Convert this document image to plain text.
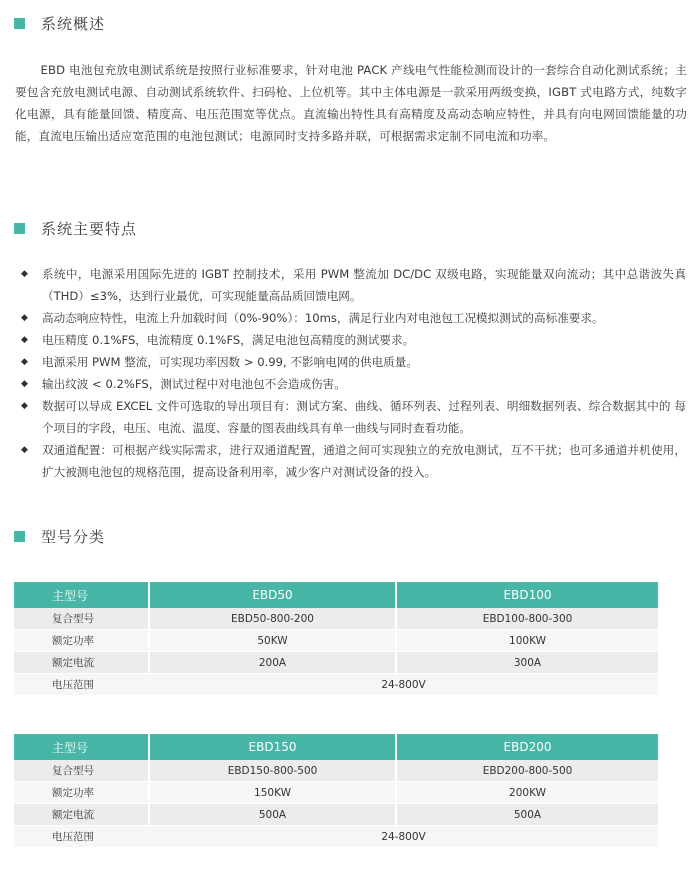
系统概述
EBD 电池包充放电测试系统是按照行业标准要求，针对电池 PACK 产线电气性能检测而设计的一套综合自动化测试系统；主要包含充放电测试电源、自动测试系统软件、扫码枪、上位机等。其中主体电源是一款采用两级变换，IGBT 式电路方式，纯数字化电源，具有能量回馈、精度高、电压范围宽等优点。直流输出特性具有高精度及高动态响应特性，并具有向电网回馈能量的功能，直流电压输出适应宽范围的电池包测试；电源同时支持多路并联，可根据需求定制不同电流和功率。
系统主要特点
◆ 系统中，电源采用国际先进的 IGBT 控制技术，采用 PWM 整流加 DC/DC 双级电路，实现能量双向流动；其中总谐波失真（THD）≤3%，达到行业最优，可实现能量高品质回馈电网。
◆ 高动态响应特性，电流上升加载时间（0%-90%）：10ms，满足行业内对电池包工况模拟测试的高标准要求。
◆ 电压精度 0.1%FS，电流精度 0.1%FS，满足电池包高精度的测试要求。
◆ 电源采用 PWM 整流，可实现功率因数 > 0.99, 不影响电网的供电质量。
◆ 输出纹波 < 0.2%FS，测试过程中对电池包不会造成伤害。
◆ 数据可以导成 EXCEL 文件可选取的导出项目有：测试方案、曲线、循环列表、过程列表、明细数据列表、综合数据其中的 每个项目的字段，电压、电流、温度、容量的图表曲线具有单一曲线与同时查看功能。
◆ 双通道配置：可根据产线实际需求，进行双通道配置，通道之间可实现独立的充放电测试，互不干扰；也可多通道并机使用，扩大被测电池包的规格范围，提高设备利用率，减少客户对测试设备的投入。
型号分类
主型号	EBD50	EBD100
复合型号	EBD50-800-200	EBD100-800-300
额定功率	50KW	100KW
额定电流	200A	300A
电压范围	24-800V	
主型号	EBD150	EBD200
复合型号	EBD150-800-500	EBD200-800-500
额定功率	150KW	200KW
额定电流	500A	500A
电压范围	24-800V	
